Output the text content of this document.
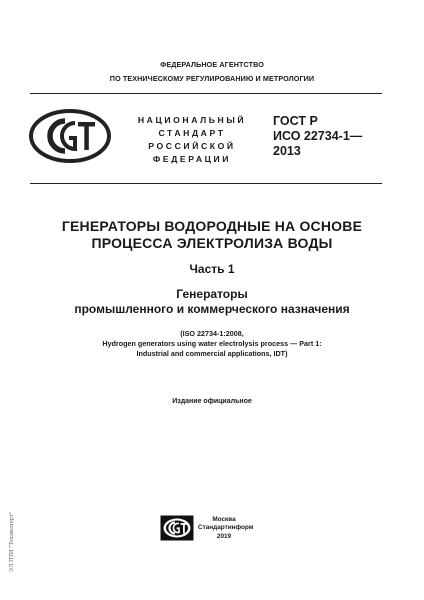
ФЕДЕРАЛЬНОЕ АГЕНТСТВО
ПО ТЕХНИЧЕСКОМУ РЕГУЛИРОВАНИЮ И МЕТРОЛОГИИ
НАЦИОНАЛЬНЫЙ
СТАНДАРТ
РОССИЙСКОЙ
ФЕДЕРАЦИИ
ГОСТ Р
ИСО 22734-1—
2013
ГЕНЕРАТОРЫ ВОДОРОДНЫЕ НА ОСНОВЕ
ПРОЦЕССА ЭЛЕКТРОЛИЗА ВОДЫ
Часть 1
Генераторы
промышленного и коммерческого назначения
(ISO 22734-1:2008,
Hydrogen generators using water electrolysis process — Part 1:
Industrial and commercial applications, IDT)
Издание официальное
Москва
Стандартинформ
2019
ЭЛ ПТИ "Техэксперт"
